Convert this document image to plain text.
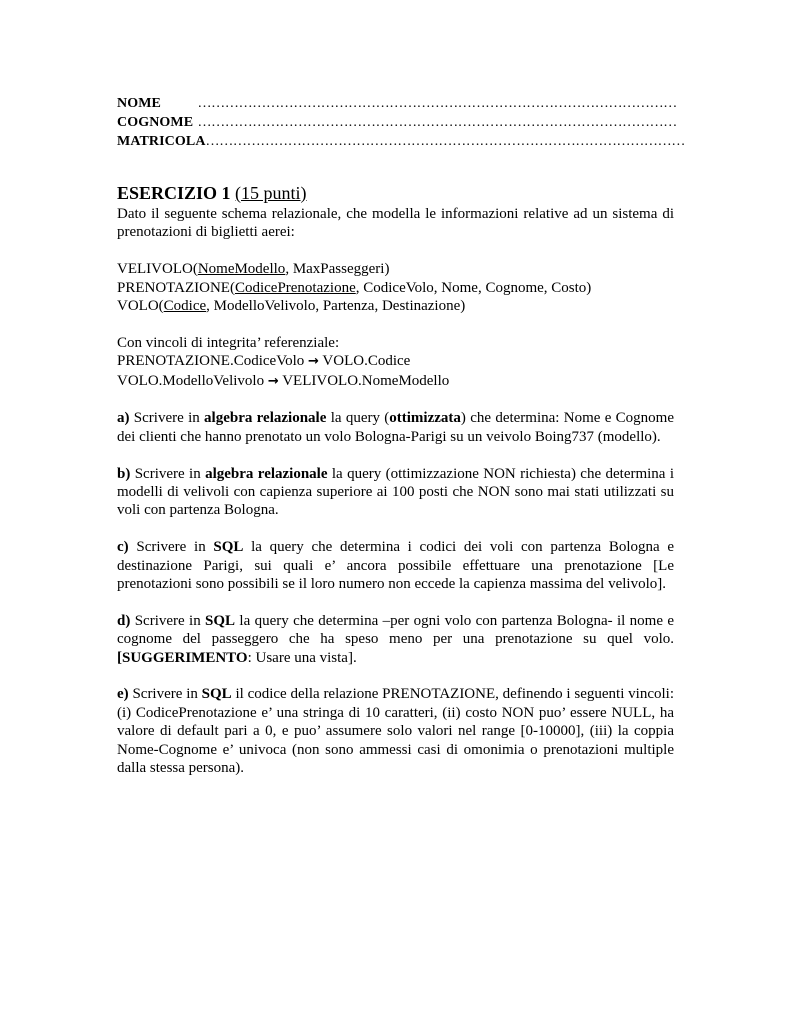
NOME	……………………………………………………………………………………………
COGNOME ……………………………………………………………………………………………
MATRICOLA ……………………………………………………………………………………………
ESERCIZIO 1 (15 punti)

Dato il seguente schema relazionale, che modella le informazioni relative ad un sistema di prenotazioni di biglietti aerei:

VELIVOLO(NomeModello, MaxPasseggeri)
PRENOTAZIONE(CodicePrenotazione, CodiceVolo, Nome, Cognome, Costo)
VOLO(Codice, ModelloVelivolo, Partenza, Destinazione)
Con vincoli di integrita’ referenziale:
PRENOTAZIONE.CodiceVolo → VOLO.Codice
VOLO.ModelloVelivolo → VELIVOLO.NomeModello

a) Scrivere in algebra relazionale la query (ottimizzata) che determina: Nome e Cognome dei clienti che hanno prenotato un volo Bologna-Parigi su un veivolo Boing737 (modello).

b) Scrivere in algebra relazionale la query (ottimizzazione NON richiesta) che determina i modelli di velivoli con capienza superiore ai 100 posti che NON sono mai stati utilizzati su voli con partenza Bologna.

c) Scrivere in SQL la query che determina i codici dei voli con partenza Bologna e destinazione Parigi, sui quali e’ ancora possibile effettuare una prenotazione [Le prenotazioni sono possibili se il loro numero non eccede la capienza massima del velivolo].

d) Scrivere in SQL la query che determina –per ogni volo con partenza Bologna- il nome e cognome del passeggero che ha speso meno per una prenotazione su quel volo. [SUGGERIMENTO: Usare una vista].

e) Scrivere in SQL il codice della relazione PRENOTAZIONE, definendo i seguenti vincoli: (i) CodicePrenotazione e’ una stringa di 10 caratteri, (ii) costo NON puo’ essere NULL, ha valore di default pari a 0, e puo’ assumere solo valori nel range [0-10000], (iii) la coppia Nome-Cognome e’ univoca (non sono ammessi casi di omonimia o prenotazioni multiple dalla stessa persona).
